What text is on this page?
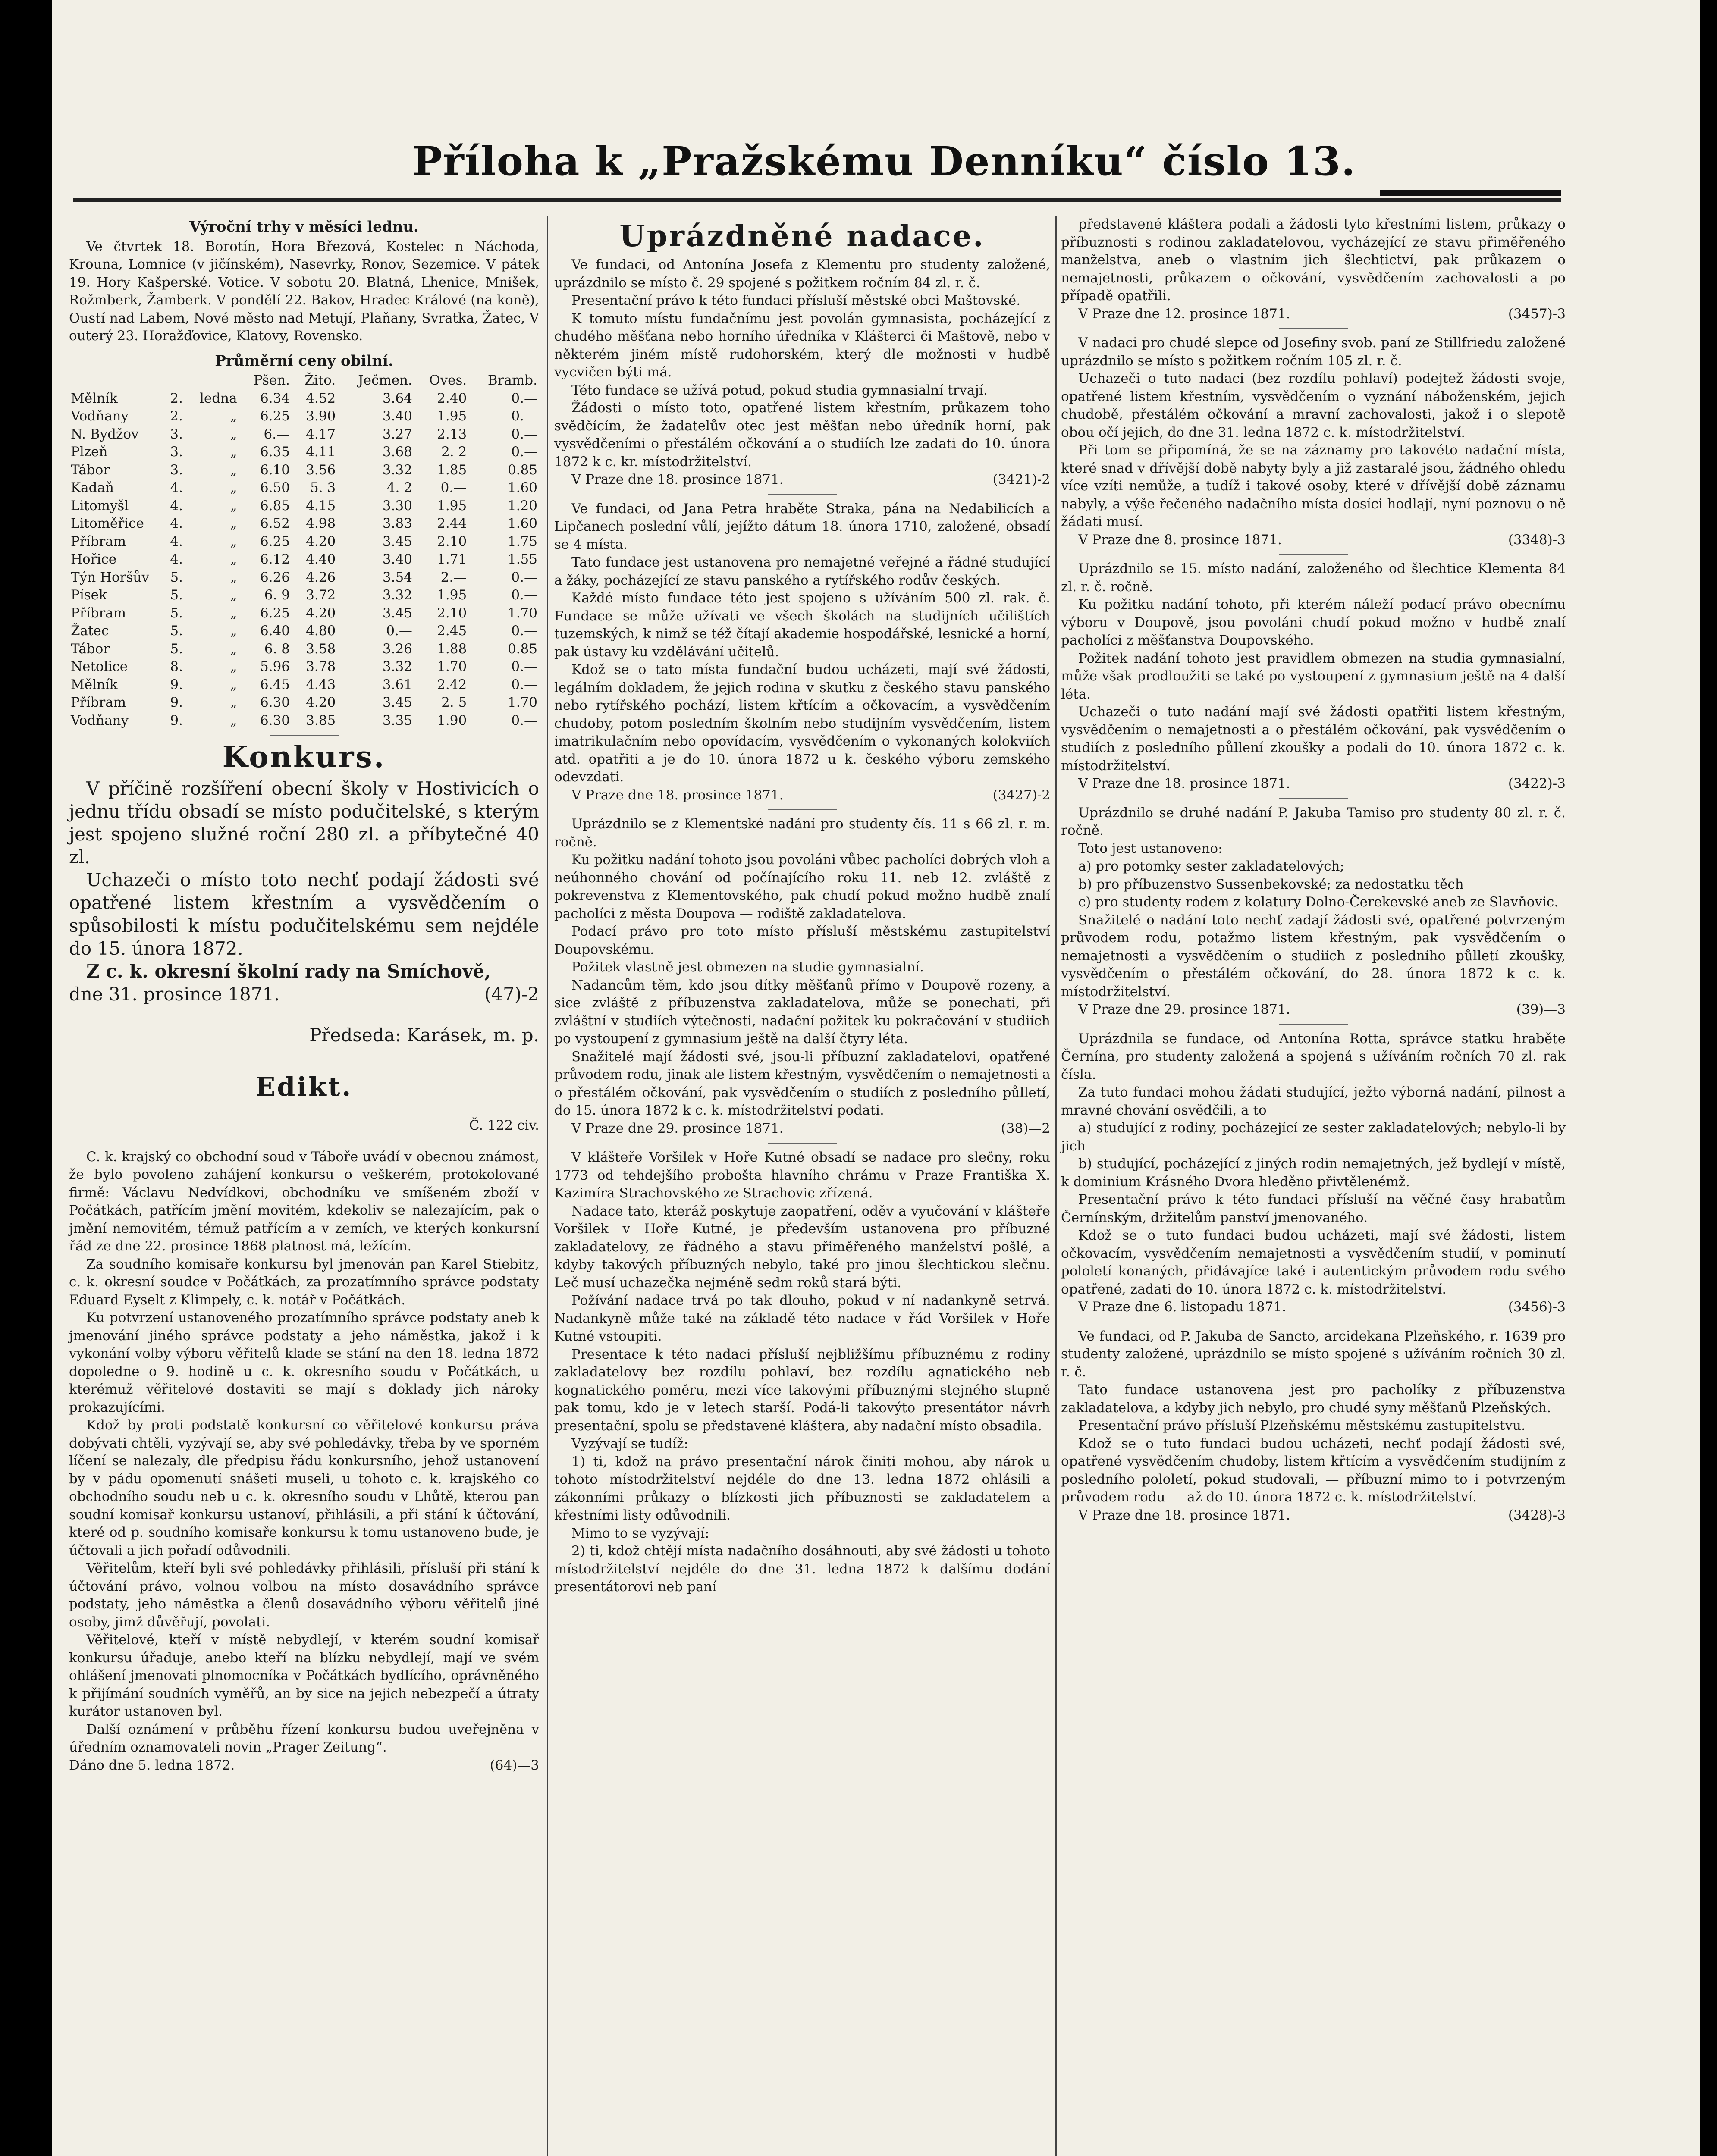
Příloha k „Pražskému Denníku“ číslo 13.
Výroční trhy v měsíci lednu.

Ve čtvrtek 18. Borotín, Hora Březová, Kostelec n Náchoda, Krouna, Lomnice (v jičínském), Nasevrky, Ronov, Sezemice. V pátek 19. Hory Kašperské. Votice. V sobotu 20. Blatná, Lhenice, Mnišek, Rožmberk, Žamberk. V pondělí 22. Bakov, Hradec Králové (na koně), Oustí nad Labem, Nové město nad Metují, Plaňany, Svratka, Žatec, V outerý 23. Horažďovice, Klatovy, Rovensko.

Průměrní ceny obilní.
			Pšen.	Žito.	Ječmen.	Oves.	Bramb.
Mělník	2.	ledna	6.34	4.52	3.64	2.40	0.—
Vodňany	2.	„	6.25	3.90	3.40	1.95	0.—
N. Bydžov	3.	„	6.—	4.17	3.27	2.13	0.—
Plzeň	3.	„	6.35	4.11	3.68	2. 2	0.—
Tábor	3.	„	6.10	3.56	3.32	1.85	0.85
Kadaň	4.	„	6.50	5. 3	4. 2	0.—	1.60
Litomyšl	4.	„	6.85	4.15	3.30	1.95	1.20
Litoměřice	4.	„	6.52	4.98	3.83	2.44	1.60
Příbram	4.	„	6.25	4.20	3.45	2.10	1.75
Hořice	4.	„	6.12	4.40	3.40	1.71	1.55
Týn Horšův	5.	„	6.26	4.26	3.54	2.—	0.—
Písek	5.	„	6. 9	3.72	3.32	1.95	0.—
Příbram	5.	„	6.25	4.20	3.45	2.10	1.70
Žatec	5.	„	6.40	4.80	0.—	2.45	0.—
Tábor	5.	„	6. 8	3.58	3.26	1.88	0.85
Netolice	8.	„	5.96	3.78	3.32	1.70	0.—
Mělník	9.	„	6.45	4.43	3.61	2.42	0.—
Příbram	9.	„	6.30	4.20	3.45	2. 5	1.70
Vodňany	9.	„	6.30	3.85	3.35	1.90	0.—
Konkurs.

V příčině rozšíření obecní školy v Hostivicích o jednu třídu obsadí se místo podučitelské, s kterým jest spojeno služné roční 280 zl. a příbytečné 40 zl.

Uchazeči o místo toto nechť podají žádosti své opatřené listem křestním a vysvědčením o spůsobilosti k místu podučitelskému sem nejdéle do 15. února 1872.

Z c. k. okresní školní rady na Smíchově,

dne 31. prosince 1871.	(47)-2

Předseda: Karásek, m. p.

Edikt.

Č. 122 civ.

C. k. krajský co obchodní soud v Táboře uvádí v obecnou známost, že bylo povoleno zahájení konkursu o veškerém, protokolované firmě: Václavu Nedvídkovi, obchodníku ve smíšeném zboží v Počátkách, patřícím jmění movitém, kdekoliv se nalezajícím, pak o jmění nemovitém, témuž patřícím a v zemích, ve kterých konkursní řád ze dne 22. prosince 1868 platnost má, ležícím.

Za soudního komisaře konkursu byl jmenován pan Karel Stiebitz, c. k. okresní soudce v Počátkách, za prozatímního správce podstaty Eduard Eyselt z Klimpely, c. k. notář v Počátkách.

Ku potvrzení ustanoveného prozatímního správce podstaty aneb k jmenování jiného správce podstaty a jeho náměstka, jakož i k vykonání volby výboru věřitelů klade se stání na den 18. ledna 1872 dopoledne o 9. hodině u c. k. okresního soudu v Počátkách, u kterémuž věřitelové dostaviti se mají s doklady jich nároky prokazujícími.

Kdož by proti podstatě konkursní co věřitelové konkursu práva dobývati chtěli, vyzývají se, aby své pohledávky, třeba by ve sporném líčení se nalezaly, dle předpisu řádu konkursního, jehož ustanovení by v pádu opomenutí snášeti museli, u tohoto c. k. krajského co obchodního soudu neb u c. k. okresního soudu v Lhůtě, kterou pan soudní komisař konkursu ustanoví, přihlásili, a při stání k účtování, které od p. soudního komisaře konkursu k tomu ustanoveno bude, je účtovali a jich pořadí odůvodnili.

Věřitelům, kteří byli své pohledávky přihlásili, přísluší při stání k účtování právo, volnou volbou na místo dosavádního správce podstaty, jeho náměstka a členů dosavádního výboru věřitelů jiné osoby, jimž důvěřují, povolati.

Věřitelové, kteří v místě nebydlejí, v kterém soudní komisař konkursu úřaduje, anebo kteří na blízku nebydlejí, mají ve svém ohlášení jmenovati plnomocníka v Počátkách bydlícího, oprávněného k přijímání soudních vyměřů, an by sice na jejich nebezpečí a útraty kurátor ustanoven byl.

Další oznámení v průběhu řízení konkursu budou uveřejněna v úředním oznamovateli novin „Prager Zeitung“.

Dáno dne 5. ledna 1872.	(64)—3
Uprázdněné nadace.

Ve fundaci, od Antonína Josefa z Klementu pro studenty založené, uprázdnilo se místo č. 29 spojené s požitkem ročním 84 zl. r. č.

Presentační právo k této fundaci přísluší městské obci Maštovské.

K tomuto místu fundačnímu jest povolán gymnasista, pocházející z chudého měšťana nebo horního úředníka v Klášterci či Maštově, nebo v některém jiném místě rudohorském, který dle možnosti v hudbě vycvičen býti má.

Této fundace se užívá potud, pokud studia gymnasialní trvají.

Žádosti o místo toto, opatřené listem křestním, průkazem toho svědčícím, že žadatelův otec jest měšťan nebo úředník horní, pak vysvědčeními o přestálém očkování a o studiích lze zadati do 10. února 1872 k c. kr. místodržitelství.

V Praze dne 18. prosince 1871.	(3421)-2

Ve fundaci, od Jana Petra hraběte Straka, pána na Nedabilicích a Lipčanech poslední vůlí, jejížto dátum 18. února 1710, založené, obsadí se 4 místa.

Tato fundace jest ustanovena pro nemajetné veřejné a řádné studující a žáky, pocházející ze stavu panského a rytířského rodův českých.

Každé místo fundace této jest spojeno s užíváním 500 zl. rak. č. Fundace se může užívati ve všech školách na studijních učilištích tuzemských, k nimž se též čítají akademie hospodářské, lesnické a horní, pak ústavy ku vzdělávání učitelů.

Kdož se o tato místa fundační budou ucházeti, mají své žádosti, legálním dokladem, že jejich rodina v skutku z českého stavu panského nebo rytířského pochází, listem křtícím a očkovacím, a vysvědčením chudoby, potom posledním školním nebo studijním vysvědčením, listem imatrikulačním nebo opovídacím, vysvědčením o vykonaných kolokviích atd. opatřiti a je do 10. února 1872 u k. českého výboru zemského odevzdati.

V Praze dne 18. prosince 1871.	(3427)-2

Uprázdnilo se z Klementské nadání pro studenty čís. 11 s 66 zl. r. m. ročně.

Ku požitku nadání tohoto jsou povoláni vůbec pacholíci dobrých vloh a neúhonného chování od počínajícího roku 11. neb 12. zvláště z pokrevenstva z Klementovského, pak chudí pokud možno hudbě znalí pacholíci z města Doupova — rodiště zakladatelova.

Podací právo pro toto místo přísluší městskému zastupitelství Doupovskému.

Požitek vlastně jest obmezen na studie gymnasialní.

Nadancům těm, kdo jsou dítky měšťanů přímo v Doupově rozeny, a sice zvláště z příbuzenstva zakladatelova, může se ponechati, při zvláštní v studiích výtečnosti, nadační požitek ku pokračování v studiích po vystoupení z gymnasium ještě na další čtyry léta.

Snažitelé mají žádosti své, jsou-li příbuzní zakladatelovi, opatřené průvodem rodu, jinak ale listem křestným, vysvědčením o nemajetnosti a o přestálém očkování, pak vysvědčením o studiích z posledního půlletí, do 15. února 1872 k c. k. místodržitelství podati.

V Praze dne 29. prosince 1871.	(38)—2

V klášteře Voršilek v Hoře Kutné obsadí se nadace pro slečny, roku 1773 od tehdejšího probošta hlavního chrámu v Praze Františka X. Kazimíra Strachovského ze Strachovic zřízená.

Nadace tato, kteráž poskytuje zaopatření, oděv a vyučování v klášteře Voršilek v Hoře Kutné, je především ustanovena pro příbuzné zakladatelovy, ze řádného a stavu přiměřeného manželství pošlé, a kdyby takových příbuzných nebylo, také pro jinou šlechtickou slečnu. Leč musí uchazečka nejméně sedm roků stará býti.

Požívání nadace trvá po tak dlouho, pokud v ní nadankyně setrvá. Nadankyně může také na základě této nadace v řád Voršilek v Hoře Kutné vstoupiti.

Presentace k této nadaci přísluší nejbližšímu příbuznému z rodiny zakladatelovy bez rozdílu pohlaví, bez rozdílu agnatického neb kognatického poměru, mezi více takovými příbuznými stejného stupně pak tomu, kdo je v letech starší. Podá-li takovýto presentátor návrh presentační, spolu se představené kláštera, aby nadační místo obsadila.

Vyzývají se tudíž:

1) ti, kdož na právo presentační nárok činiti mohou, aby nárok u tohoto místodržitelství nejdéle do dne 13. ledna 1872 ohlásili a zákonními průkazy o blízkosti jich příbuznosti se zakladatelem a křestními listy odůvodnili.

Mimo to se vyzývají:

2) ti, kdož chtějí místa nadačního dosáhnouti, aby své žádosti u tohoto místodržitelství nejdéle do dne 31. ledna 1872 k dalšímu dodání presentátorovi neb paní

představené kláštera podali a žádosti tyto křestními listem, průkazy o příbuznosti s rodinou zakladatelovou, vycházející ze stavu přiměřeného manželstva, aneb o vlastním jich šlechtictví, pak průkazem o nemajetnosti, průkazem o očkování, vysvědčením zachovalosti a po případě opatřili.

V Praze dne 12. prosince 1871.	(3457)-3

V nadaci pro chudé slepce od Josefiny svob. paní ze Stillfriedu založené uprázdnilo se místo s požitkem ročním 105 zl. r. č.

Uchazeči o tuto nadaci (bez rozdílu pohlaví) podejtež žádosti svoje, opatřené listem křestním, vysvědčením o vyznání náboženském, jejich chudobě, přestálém očkování a mravní zachovalosti, jakož i o slepotě obou očí jejich, do dne 31. ledna 1872 c. k. místodržitelství.

Při tom se připomíná, že se na záznamy pro takovéto nadační místa, které snad v dřívější době nabyty byly a již zastaralé jsou, žádného ohledu více vzíti nemůže, a tudíž i takové osoby, které v dřívější době záznamu nabyly, a výše řečeného nadačního místa dosíci hodlají, nyní poznovu o ně žádati musí.

V Praze dne 8. prosince 1871.	(3348)-3

Uprázdnilo se 15. místo nadání, založeného od šlechtice Klementa 84 zl. r. č. ročně.

Ku požitku nadání tohoto, při kterém náleží podací právo obecnímu výboru v Doupově, jsou povoláni chudí pokud možno v hudbě znalí pacholíci z měšťanstva Doupovského.

Požitek nadání tohoto jest pravidlem obmezen na studia gymnasialní, může však prodloužiti se také po vystoupení z gymnasium ještě na 4 další léta.

Uchazeči o tuto nadání mají své žádosti opatřiti listem křestným, vysvědčením o nemajetnosti a o přestálém očkování, pak vysvědčením o studiích z posledního půllení zkoušky a podali do 10. února 1872 c. k. místodržitelství.

V Praze dne 18. prosince 1871.	(3422)-3

Uprázdnilo se druhé nadání P. Jakuba Tamiso pro studenty 80 zl. r. č. ročně.

Toto jest ustanoveno:

a) pro potomky sester zakladatelových;

b) pro příbuzenstvo Sussenbekovské; za nedostatku těch

c) pro studenty rodem z kolatury Dolno-Čerekevské aneb ze Slavňovic.

Snažitelé o nadání toto nechť zadají žádosti své, opatřené potvrzeným průvodem rodu, potažmo listem křestným, pak vysvědčením o nemajetnosti a vysvědčením o studiích z posledního půlletí zkoušky, vysvědčením o přestálém očkování, do 28. února 1872 k c. k. místodržitelství.

V Praze dne 29. prosince 1871.	(39)—3

Uprázdnila se fundace, od Antonína Rotta, správce statku hraběte Černína, pro studenty založená a spojená s užíváním ročních 70 zl. rak čísla.

Za tuto fundaci mohou žádati studující, ježto výborná nadání, pilnost a mravné chování osvědčili, a to

a) studující z rodiny, pocházející ze sester zakladatelových; nebylo-li by jich

b) studující, pocházející z jiných rodin nemajetných, jež bydlejí v místě, k dominium Krásného Dvora hleděno přivtělenémž.

Presentační právo k této fundaci přísluší na věčné časy hrabatům Černínským, držitelům panství jmenovaného.

Kdož se o tuto fundaci budou ucházeti, mají své žádosti, listem očkovacím, vysvědčením nemajetnosti a vysvědčením studií, v pominutí pololetí konaných, přidávajíce také i autentickým průvodem rodu svého opatřené, zadati do 10. února 1872 c. k. místodržitelství.

V Praze dne 6. listopadu 1871.	(3456)-3

Ve fundaci, od P. Jakuba de Sancto, arcidekana Plzeňského, r. 1639 pro studenty založené, uprázdnilo se místo spojené s užíváním ročních 30 zl. r. č.

Tato fundace ustanovena jest pro pacholíky z příbuzenstva zakladatelova, a kdyby jich nebylo, pro chudé syny měšťanů Plzeňských.

Presentační právo přísluší Plzeňskému městskému zastupitelstvu.

Kdož se o tuto fundaci budou ucházeti, nechť podají žádosti své, opatřené vysvědčením chudoby, listem křtícím a vysvědčením studijním z posledního pololetí, pokud studovali, — příbuzní mimo to i potvrzeným průvodem rodu — až do 10. února 1872 c. k. místodržitelství.

V Praze dne 18. prosince 1871.	(3428)-3
